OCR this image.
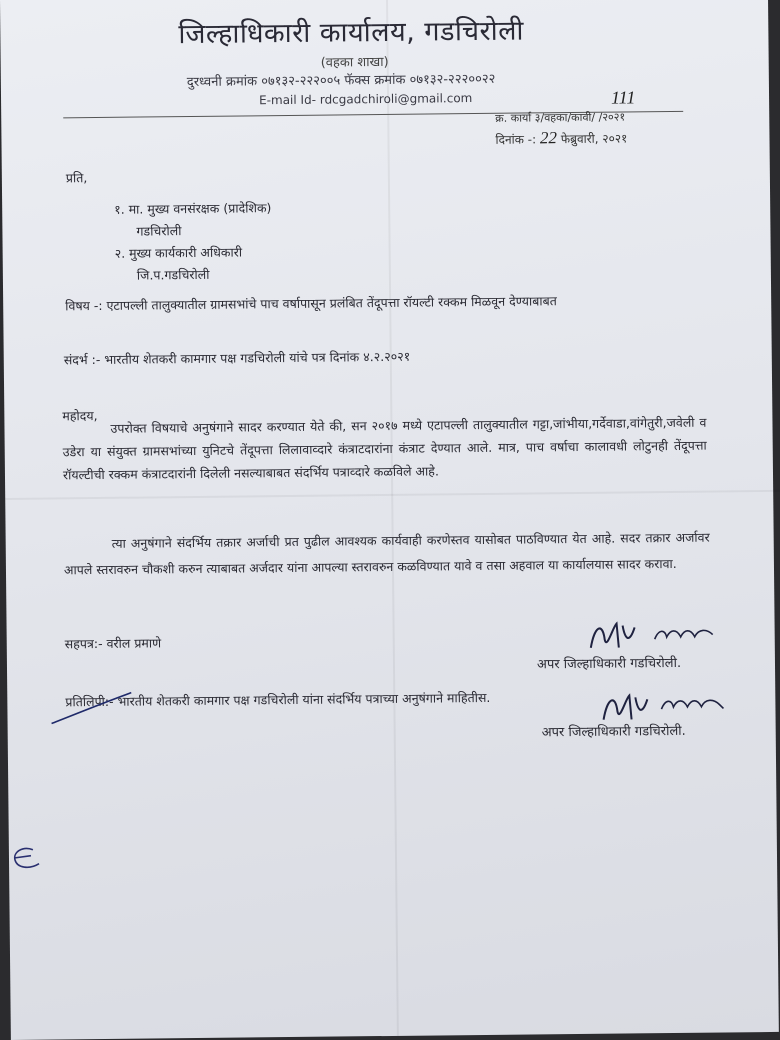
जिल्हाधिकारी कार्यालय, गडचिरोली
(वहका शाखा)
दुरध्वनी क्रमांक ०७१३२-२२२००५ फॅक्स क्रमांक ०७१३२-२२२००२२
E-mail Id- rdcgadchiroli@gmail.com	111
क्र. कार्या ३/वहका/कावी/ /२०२१
दिनांक -: 22 फेब्रुवारी, २०२१
प्रति,
१. मा. मुख्य वनसंरक्षक (प्रादेशिक)
गडचिरोली
२. मुख्य कार्यकारी अधिकारी
जि.प.गडचिरोली
विषय -: एटापल्ली तालुक्यातील ग्रामसभांचे पाच वर्षापासून प्रलंबित तेंदूपत्ता रॉयल्टी रक्कम मिळवून देण्याबाबत
संदर्भ :- भारतीय शेतकरी कामगार पक्ष गडचिरोली यांचे पत्र दिनांक ४.२.२०२१
महोदय,	उपरोक्त विषयाचे अनुषंगाने सादर करण्यात येते की, सन २०१७ मध्ये एटापल्ली तालुक्यातील गट्टा,जांभीया,गर्देवाडा,वांगेतुरी,जवेली व उडेरा या संयुक्त ग्रामसभांच्या युनिटचे तेंदूपत्ता लिलावाव्दारे कंत्राटदारांना कंत्राट देण्यात आले. मात्र, पाच वर्षाचा कालावधी लोटुनही तेंदूपत्ता रॉयल्टीची रक्कम कंत्राटदारांनी दिलेली नसल्याबाबत संदर्भिय पत्राव्दारे कळविले आहे.
त्या अनुषंगाने संदर्भिय तक्रार अर्जाची प्रत पुढील आवश्यक कार्यवाही करणेस्तव यासोबत पाठविण्यात येत आहे. सदर तक्रार अर्जावर आपले स्तरावरुन चौकशी करुन त्याबाबत अर्जदार यांना आपल्या स्तरावरुन कळविण्यात यावे व तसा अहवाल या कार्यालयास सादर करावा.
सहपत्र:- वरील प्रमाणे
अपर जिल्हाधिकारी गडचिरोली.
प्रतिलिपी:- भारतीय शेतकरी कामगार पक्ष गडचिरोली यांना संदर्भिय पत्राच्या अनुषंगाने माहितीस.
अपर जिल्हाधिकारी गडचिरोली.
